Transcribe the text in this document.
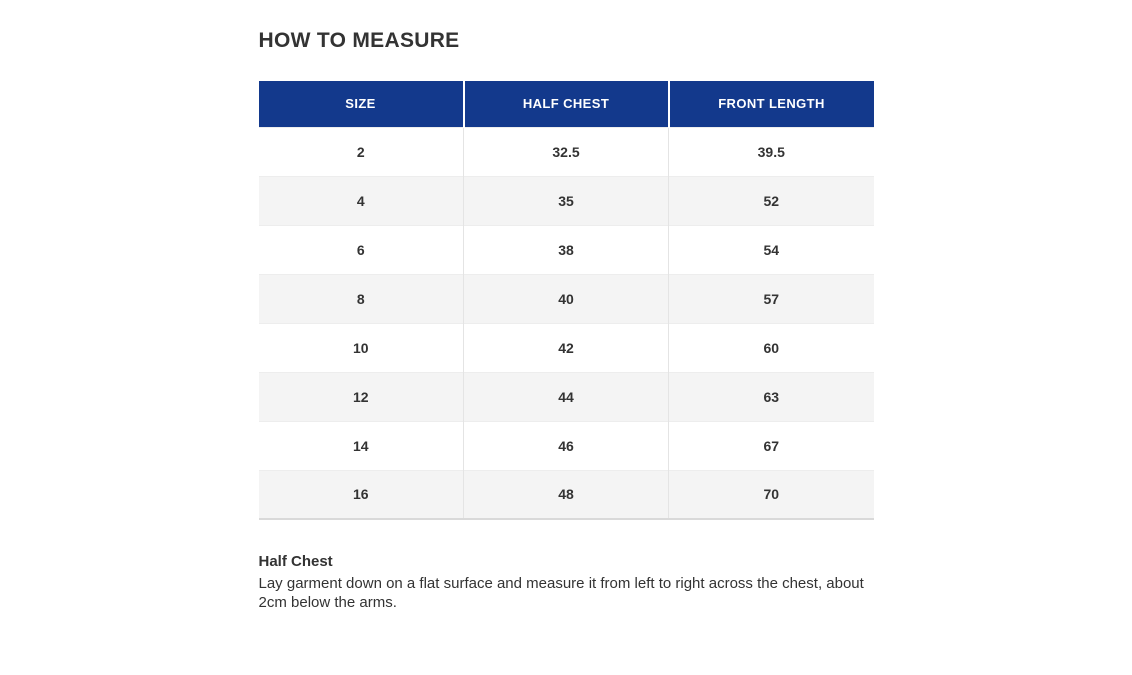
HOW TO MEASURE
SIZE	HALF CHEST	FRONT LENGTH
2	32.5	39.5
4	35	52
6	38	54
8	40	57
10	42	60
12	44	63
14	46	67
16	48	70
Half Chest

Lay garment down on a flat surface and measure it from left to right across the chest, about 2cm below the arms.
